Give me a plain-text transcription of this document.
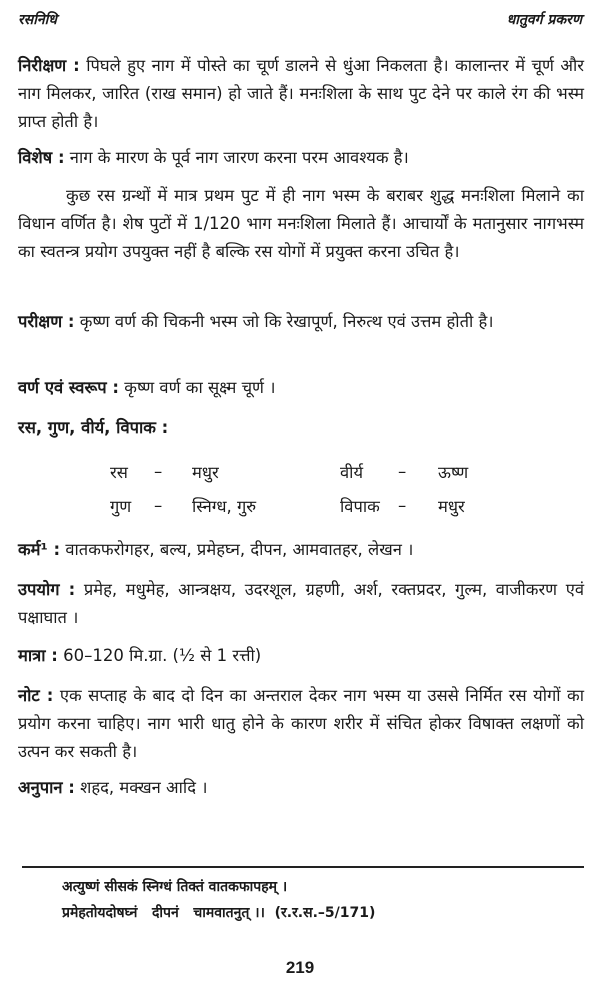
रसनिधि	धातुवर्ग प्रकरण

निरीक्षण : पिघले हुए नाग में पोस्ते का चूर्ण डालने से धुंआ निकलता है। कालान्तर में चूर्ण और नाग मिलकर, जारित (राख समान) हो जाते हैं। मनःशिला के साथ पुट देने पर काले रंग की भस्म प्राप्त होती है।

विशेष : नाग के मारण के पूर्व नाग जारण करना परम आवश्यक है।

कुछ रस ग्रन्थों में मात्र प्रथम पुट में ही नाग भस्म के बराबर शुद्ध मनःशिला मिलाने का विधान वर्णित है। शेष पुटों में 1/120 भाग मनःशिला मिलाते हैं। आचार्यों के मतानुसार नागभस्म का स्वतन्त्र प्रयोग उपयुक्त नहीं है बल्कि रस योगों में प्रयुक्त करना उचित है।

परीक्षण : कृष्ण वर्ण की चिकनी भस्म जो कि रेखापूर्ण, निरुत्थ एवं उत्तम होती है।

वर्ण एवं स्वरूप : कृष्ण वर्ण का सूक्ष्म चूर्ण ।

रस, गुण, वीर्य, विपाक :

रस	–	मधुर	वीर्य	–	ऊष्ण
गुण	–	स्निग्ध, गुरु	विपाक	–	मधुर

कर्म¹ : वातकफरोगहर, बल्य, प्रमेहघ्न, दीपन, आमवातहर, लेखन ।

उपयोग : प्रमेह, मधुमेह, आन्त्रक्षय, उदरशूल, ग्रहणी, अर्श, रक्तप्रदर, गुल्म, वाजीकरण एवं पक्षाघात ।

मात्रा : 60–120 मि.ग्रा. (½ से 1 रत्ती)

नोट : एक सप्ताह के बाद दो दिन का अन्तराल देकर नाग भस्म या उससे निर्मित रस योगों का प्रयोग करना चाहिए। नाग भारी धातु होने के कारण शरीर में संचित होकर विषाक्त लक्षणों को उत्पन कर सकती है।

अनुपान : शहद, मक्खन आदि ।

अत्युष्णं सीसकं स्निग्धं तिक्तं वातकफापहम् ।
प्रमेहतोयदोषघ्नं   दीपनं   चामवातनुत् ।।  (र.र.स.–5/171)
219
